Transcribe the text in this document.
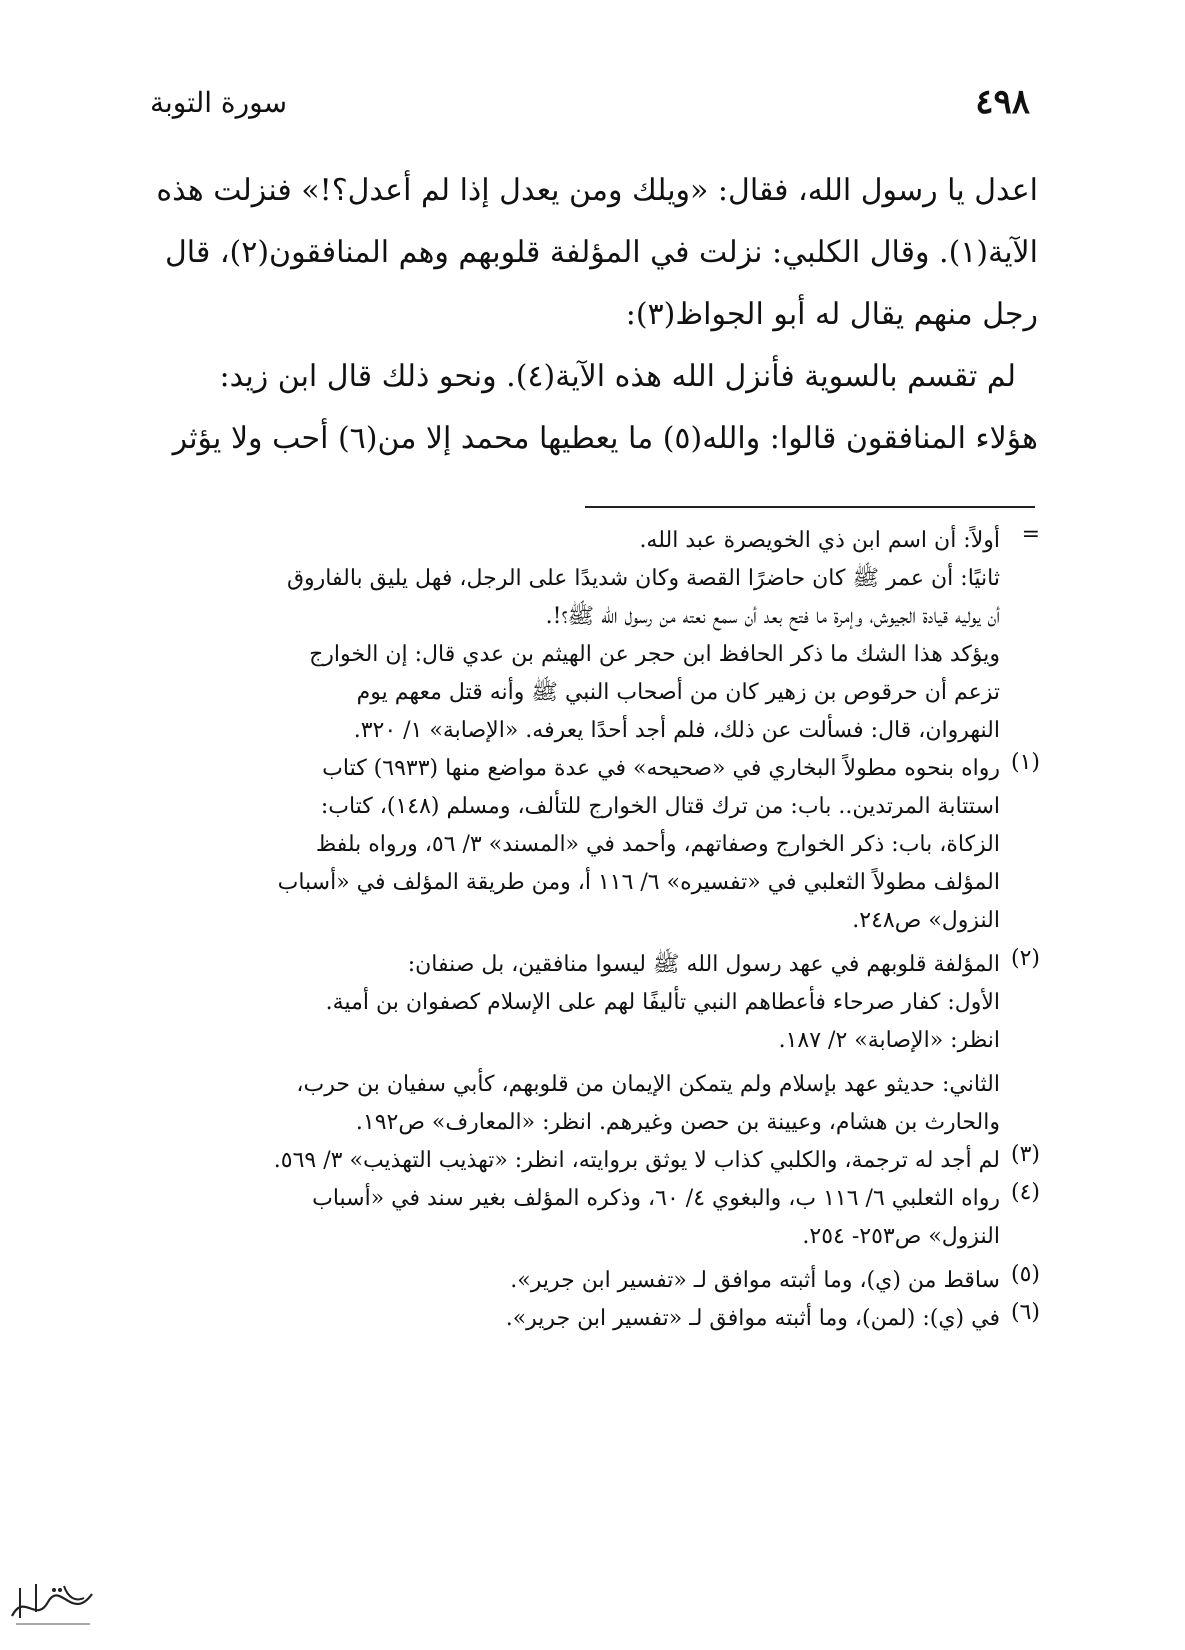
٤٩٨
سورة التوبة
اعدل يا رسول الله، فقال: «ويلك ومن يعدل إذا لم أعدل؟!» فنزلت هذه
الآية(١). وقال الكلبي: نزلت في المؤلفة قلوبهم وهم المنافقون(٢)، قال
رجل منهم يقال له أبو الجواظ(٣):
لم تقسم بالسوية فأنزل الله هذه الآية(٤). ونحو ذلك قال ابن زيد:
هؤلاء المنافقون قالوا: والله(٥) ما يعطيها محمد إلا من(٦) أحب ولا يؤثر
=
أولاً: أن اسم ابن ذي الخويصرة عبد الله.
ثانيًا: أن عمر ﷺ كان حاضرًا القصة وكان شديدًا على الرجل، فهل يليق بالفاروق
أن يوليه قيادة الجيوش، وإمرة ما فتح بعد أن سمع نعته من رسول الله ﷺ؟!.
ويؤكد هذا الشك ما ذكر الحافظ ابن حجر عن الهيثم بن عدي قال: إن الخوارج
تزعم أن حرقوص بن زهير كان من أصحاب النبي ﷺ وأنه قتل معهم يوم
النهروان، قال: فسألت عن ذلك، فلم أجد أحدًا يعرفه. «الإصابة» ١/ ٣٢٠.
(١)
رواه بنحوه مطولاً البخاري في «صحيحه» في عدة مواضع منها (٦٩٣٣) كتاب
استتابة المرتدين.. باب: من ترك قتال الخوارج للتألف، ومسلم (١٤٨)، كتاب:
الزكاة، باب: ذكر الخوارج وصفاتهم، وأحمد في «المسند» ٣/ ٥٦، ورواه بلفظ
المؤلف مطولاً الثعلبي في «تفسيره» ٦/ ١١٦ أ، ومن طريقة المؤلف في «أسباب
النزول» ص٢٤٨.
(٢)
المؤلفة قلوبهم في عهد رسول الله ﷺ ليسوا منافقين، بل صنفان:
الأول: كفار صرحاء فأعطاهم النبي تأليفًا لهم على الإسلام كصفوان بن أمية.
انظر: «الإصابة» ٢/ ١٨٧.
الثاني: حديثو عهد بإسلام ولم يتمكن الإيمان من قلوبهم، كأبي سفيان بن حرب،
والحارث بن هشام، وعيينة بن حصن وغيرهم. انظر: «المعارف» ص١٩٢.
(٣)
لم أجد له ترجمة، والكلبي كذاب لا يوثق بروايته، انظر: «تهذيب التهذيب» ٣/ ٥٦٩.
(٤)
رواه الثعلبي ٦/ ١١٦ ب، والبغوي ٤/ ٦٠، وذكره المؤلف بغير سند في «أسباب
النزول» ص٢٥٣- ٢٥٤.
(٥)
ساقط من (ي)، وما أثبته موافق لـ «تفسير ابن جرير».
(٦)
في (ي): (لمن)، وما أثبته موافق لـ «تفسير ابن جرير».
